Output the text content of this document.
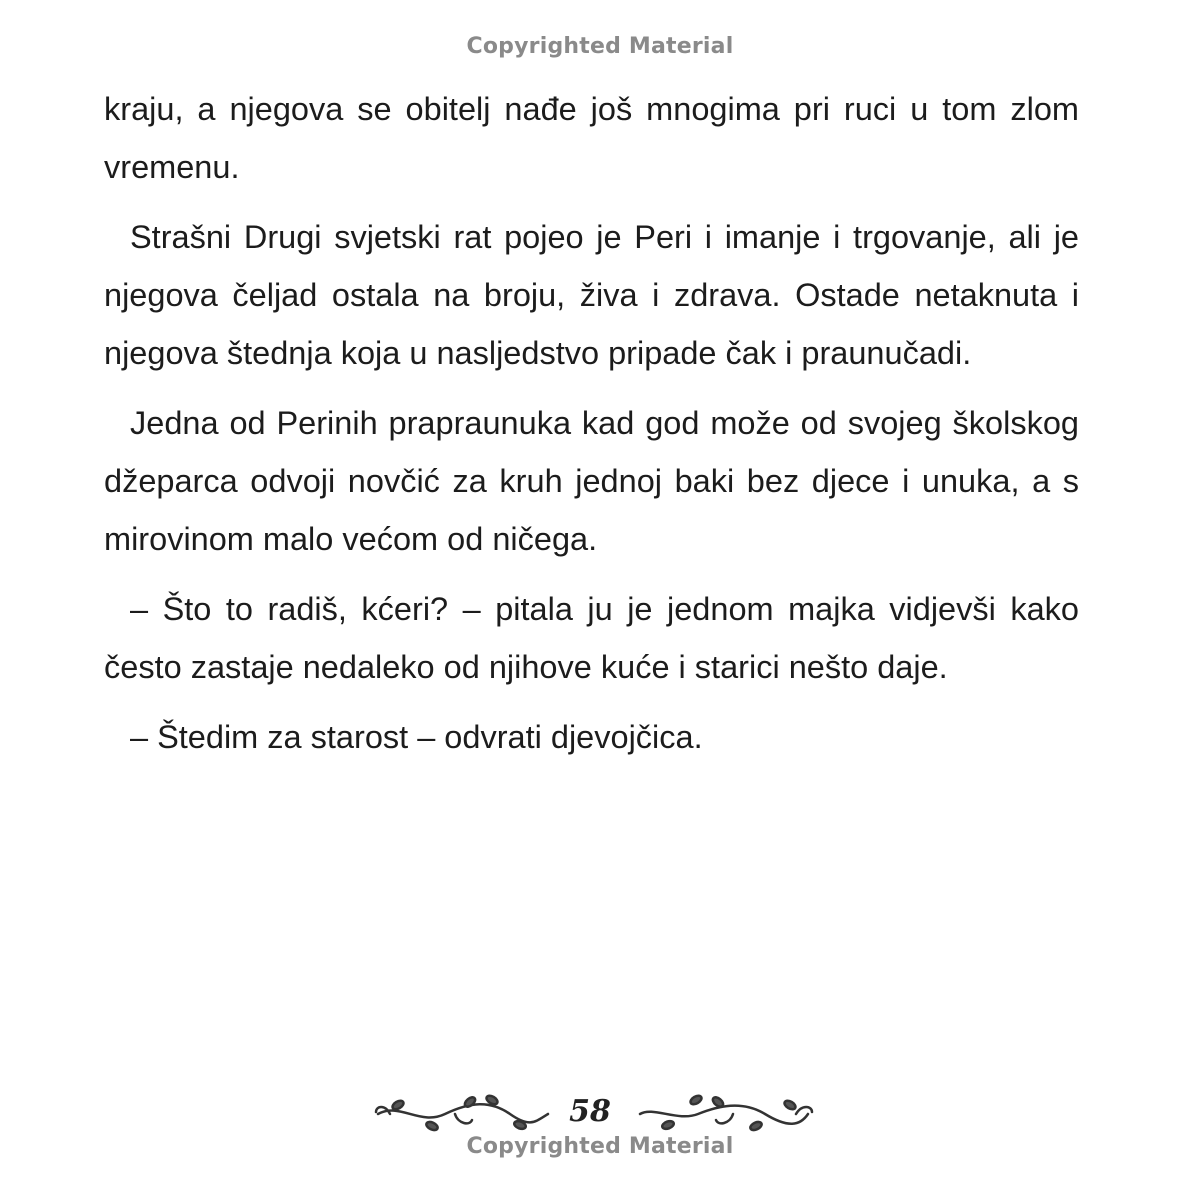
Copyrighted Material

kraju, a njegova se obitelj nađe još mnogima pri ruci u tom zlom vremenu.

Strašni Drugi svjetski rat pojeo je Peri i imanje i trgovanje, ali je njegova čeljad ostala na broju, živa i zdrava. Ostade netaknuta i njegova štednja koja u nasljedstvo pripade čak i praunučadi.

Jedna od Perinih prapraunuka kad god može od svojeg školskog džeparca odvoji novčić za kruh jednoj baki bez djece i unuka, a s mirovinom malo većom od ničega.

– Što to radiš, kćeri? – pitala ju je jednom majka vidjevši kako često zastaje nedaleko od njihove kuće i starici nešto daje.

– Štedim za starost – odvrati djevojčica.

58
Copyrighted Material
